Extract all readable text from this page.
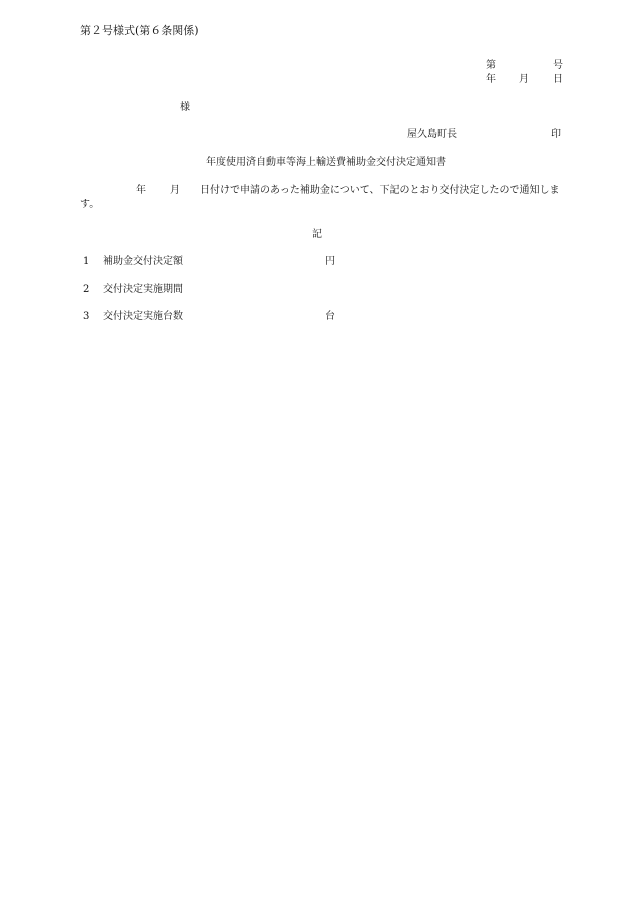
第２号様式(第６条関係)
第	号
年 月 日
様
屋久島町長	印
年度使用済自動車等海上輸送費補助金交付決定通知書
年 月 日付けで申請のあった補助金について、下記のとおり交付決定したので通知します。
記
1 補助金交付決定額	円
2 交付決定実施期間
3 交付決定実施台数	台
